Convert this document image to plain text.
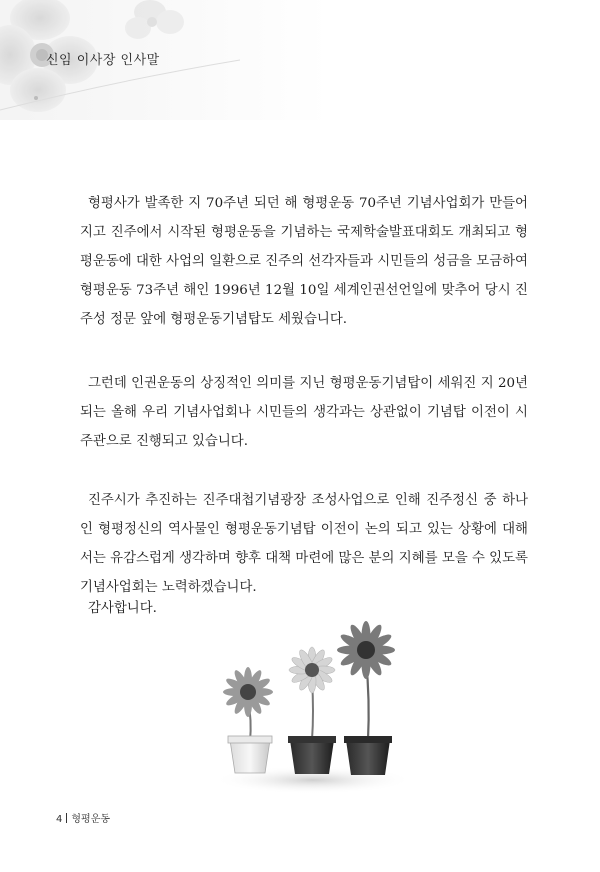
신임 이사장 인사말

형평사가 발족한 지 70주년 되던 해 형평운동 70주년 기념사업회가 만들어지고 진주에서 시작된 형평운동을 기념하는 국제학술발표대회도 개최되고 형평운동에 대한 사업의 일환으로 진주의 선각자들과 시민들의 성금을 모금하여 형평운동 73주년 해인 1996년 12월 10일 세계인권선언일에 맞추어 당시 진주성 정문 앞에 형평운동기념탑도 세웠습니다.

그런데 인권운동의 상징적인 의미를 지닌 형평운동기념탑이 세워진 지 20년 되는 올해 우리 기념사업회나 시민들의 생각과는 상관없이 기념탑 이전이 시 주관으로 진행되고 있습니다.

진주시가 추진하는 진주대첩기념광장 조성사업으로 인해 진주정신 중 하나인 형평정신의 역사물인 형평운동기념탑 이전이 논의 되고 있는 상황에 대해서는 유감스럽게 생각하며 향후 대책 마련에 많은 분의 지혜를 모을 수 있도록 기념사업회는 노력하겠습니다.

감사합니다.
4 형평운동
